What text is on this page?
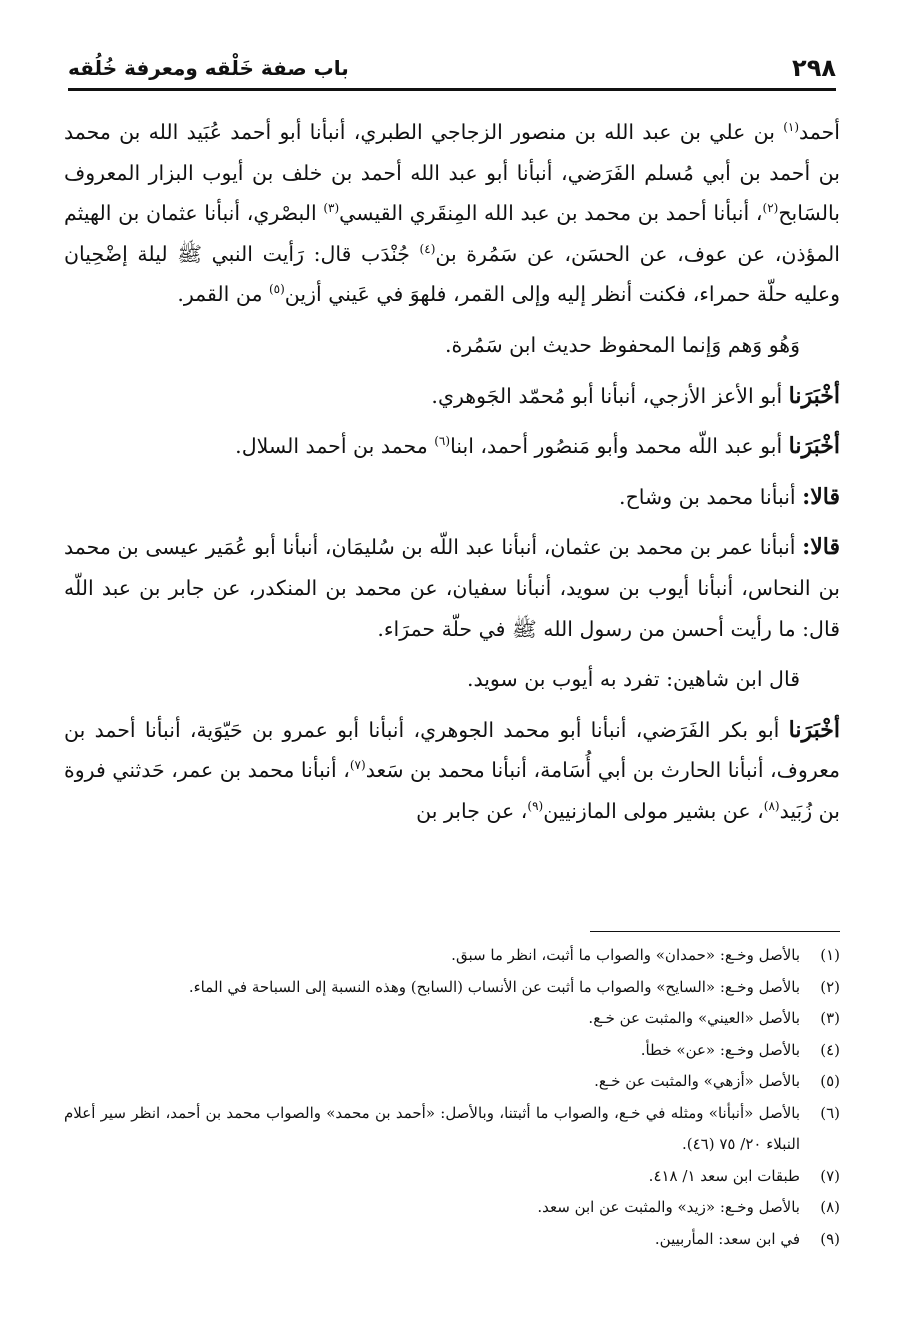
٢٩٨
باب صفة خَلْقه ومعرفة خُلُقه

أحمد$^{(١)}$ بن علي بن عبد الله بن منصور الزجاجي الطبري، أنبأنا أبو أحمد عُبَيد الله بن محمد بن أحمد بن أبي مُسلم الفَرَضي، أنبأنا أبو عبد الله أحمد بن خلف بن أيوب البزار المعروف بالسَابح$^{(٢)}$، أنبأنا أحمد بن محمد بن عبد الله المِنقَري القيسي$^{(٣)}$ البصْري، أنبأنا عثمان بن الهيثم المؤذن، عن عوف، عن الحسَن، عن سَمُرة بن$^{(٤)}$ جُنْدَب قال: رَأيت النبي ﷺ ليلة إضْحِيان وعليه حلّة حمراء، فكنت أنظر إليه وإلى القمر، فلهوَ في عَيني أزين$^{(٥)}$ من القمر.

وَهُو وَهم وَإنما المحفوظ حديث ابن سَمُرة.

أخْبَرَنا أبو الأعز الأزجي، أنبأنا أبو مُحمّد الجَوهري.

أخْبَرَنا أبو عبد اللّه محمد وأبو مَنصُور أحمد، ابنا$^{(٦)}$ محمد بن أحمد السلال.

قالا: أنبأنا محمد بن وشاح.

قالا: أنبأنا عمر بن محمد بن عثمان، أنبأنا عبد اللّه بن سُليمَان، أنبأنا أبو عُمَير عيسى بن محمد بن النحاس، أنبأنا أيوب بن سويد، أنبأنا سفيان، عن محمد بن المنكدر، عن جابر بن عبد اللّه قال: ما رأيت أحسن من رسول الله ﷺ في حلّة حمرَاء.

قال ابن شاهين: تفرد به أيوب بن سويد.

أخْبَرَنا أبو بكر الفَرَضي، أنبأنا أبو محمد الجوهري، أنبأنا أبو عمرو بن حَيّوَية، أنبأنا أحمد بن معروف، أنبأنا الحارث بن أبي أُسَامة، أنبأنا محمد بن سَعد$^{(٧)}$، أنبأنا محمد بن عمر، حَدثني فروة بن زُبَيد$^{(٨)}$، عن بشير مولى المازنيين$^{(٩)}$، عن جابر بن

(١)
بالأصل وخـع: «حمدان» والصواب ما أثبت، انظر ما سبق.
(٢)
بالأصل وخـع: «السايح» والصواب ما أثبت عن الأنساب (السابح) وهذه النسبة إلى السباحة في الماء.
(٣)
بالأصل «العيني» والمثبت عن خـع.
(٤)
بالأصل وخـع: «عن» خطأ.
(٥)
بالأصل «أزهي» والمثبت عن خـع.
(٦)
بالأصل «أنبأنا» ومثله في خـع، والصواب ما أثبتنا، وبالأصل: «أحمد بن محمد» والصواب محمد بن أحمد، انظر سير أعلام النبلاء ٢٠/ ٧٥ (٤٦).
(٧)
طبقات ابن سعد ١/ ٤١٨.
(٨)
بالأصل وخـع: «زيد» والمثبت عن ابن سعد.
(٩)
في ابن سعد: المأربيين.
